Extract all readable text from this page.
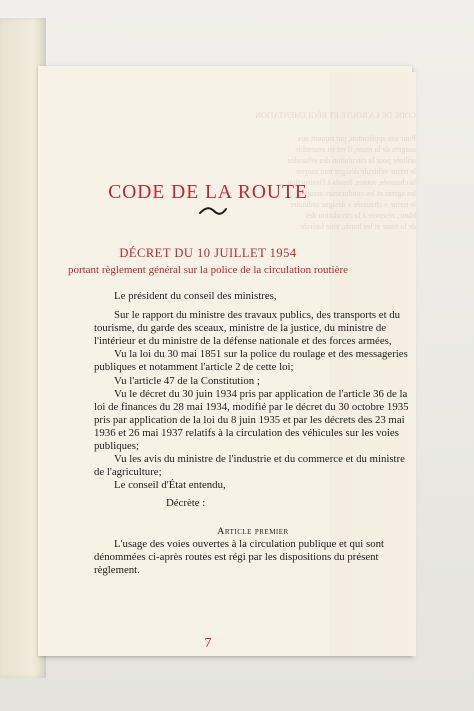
CODE DE LA ROUTE ET RÉGLEMENTATION
Pour son application, par rapport aux
usagers de la route, il est en ensemble
utilisée pour la circulation des véhicules
le terme véhicule désigne tout moyen
la chaussée, routes, fossés à l'instruction
les agents et les conducteurs assujettis
le terme « chaussée » désigne ordinaire
blanc, réservée à la circulation des
de la route et les bords, voie latérale
CODE DE LA ROUTE
DÉCRET DU 10 JUILLET 1954
portant règlement général sur la police de la circulation routière

Le président du conseil des ministres,

Sur le rapport du ministre des travaux publics, des transports et du tourisme, du garde des sceaux, ministre de la justice, du ministre de l'intérieur et du ministre de la défense nationale et des forces armées,

Vu la loi du 30 mai 1851 sur la police du roulage et des messageries publiques et notamment l'article 2 de cette loi;

Vu l'article 47 de la Constitution ;

Vu le décret du 30 juin 1934 pris par application de l'article 36 de la loi de finances du 28 mai 1934, modifié par le décret du 30 octobre 1935 pris par application de la loi du 8 juin 1935 et par les décrets des 23 mai 1936 et 26 mai 1937 relatifs à la circulation des véhicules sur les voies publiques;

Vu les avis du ministre de l'industrie et du commerce et du ministre de l'agriculture;

Le conseil d'État entendu,

Décrète :

Article premier

L'usage des voies ouvertes à la circulation publique et qui sont dénommées ci-après routes est régi par les dispositions du présent règlement.

7
